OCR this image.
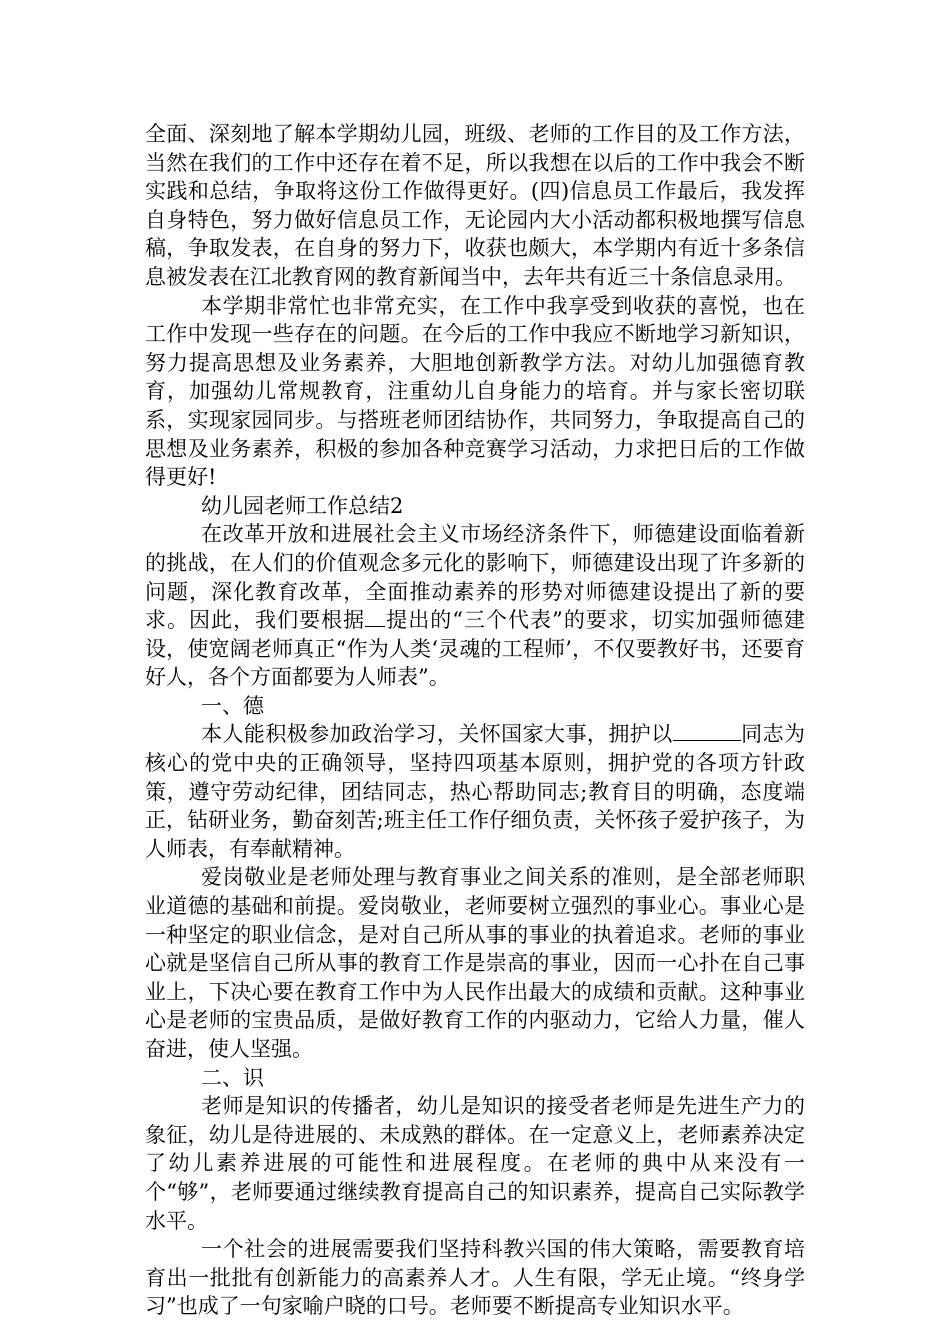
全面、深刻地了解本学期幼儿园，班级、老师的工作目的及工作方法，当然在我们的工作中还存在着不足，所以我想在以后的工作中我会不断实践和总结，争取将这份工作做得更好。(四)信息员工作最后，我发挥自身特色，努力做好信息员工作，无论园内大小活动都积极地撰写信息稿，争取发表，在自身的努力下，收获也颇大，本学期内有近十多条信息被发表在江北教育网的教育新闻当中，去年共有近三十条信息录用。

本学期非常忙也非常充实，在工作中我享受到收获的喜悦，也在工作中发现一些存在的问题。在今后的工作中我应不断地学习新知识，努力提高思想及业务素养，大胆地创新教学方法。对幼儿加强德育教育，加强幼儿常规教育，注重幼儿自身能力的培育。并与家长密切联系，实现家园同步。与搭班老师团结协作，共同努力，争取提高自己的思想及业务素养，积极的参加各种竞赛学习活动，力求把日后的工作做得更好!

幼儿园老师工作总结2

在改革开放和进展社会主义市场经济条件下，师德建设面临着新的挑战，在人们的价值观念多元化的影响下，师德建设出现了许多新的问题，深化教育改革，全面推动素养的形势对师德建设提出了新的要求。因此，我们要根据 提出的“三个代表”的要求，切实加强师德建设，使宽阔老师真正“作为人类‘灵魂的工程师’，不仅要教好书，还要育好人，各个方面都要为人师表”。

一、德

本人能积极参加政治学习，关怀国家大事，拥护以	同志为核心的党中央的正确领导，坚持四项基本原则，拥护党的各项方针政策，遵守劳动纪律，团结同志，热心帮助同志;教育目的明确，态度端正，钻研业务，勤奋刻苦;班主任工作仔细负责，关怀孩子爱护孩子，为人师表，有奉献精神。

爱岗敬业是老师处理与教育事业之间关系的准则，是全部老师职业道德的基础和前提。爱岗敬业，老师要树立强烈的事业心。事业心是一种坚定的职业信念，是对自己所从事的事业的执着追求。老师的事业心就是坚信自己所从事的教育工作是崇高的事业，因而一心扑在自己事业上，下决心要在教育工作中为人民作出最大的成绩和贡献。这种事业心是老师的宝贵品质，是做好教育工作的内驱动力，它给人力量，催人奋进，使人坚强。

二、识

老师是知识的传播者，幼儿是知识的接受者老师是先进生产力的象征，幼儿是待进展的、未成熟的群体。在一定意义上，老师素养决定了幼儿素养进展的可能性和进展程度。在老师的典中从来没有一个“够”，老师要通过继续教育提高自己的知识素养，提高自己实际教学水平。

一个社会的进展需要我们坚持科教兴国的伟大策略，需要教育培育出一批批有创新能力的高素养人才。人生有限，学无止境。“终身学习”也成了一句家喻户晓的口号。老师要不断提高专业知识水平。
